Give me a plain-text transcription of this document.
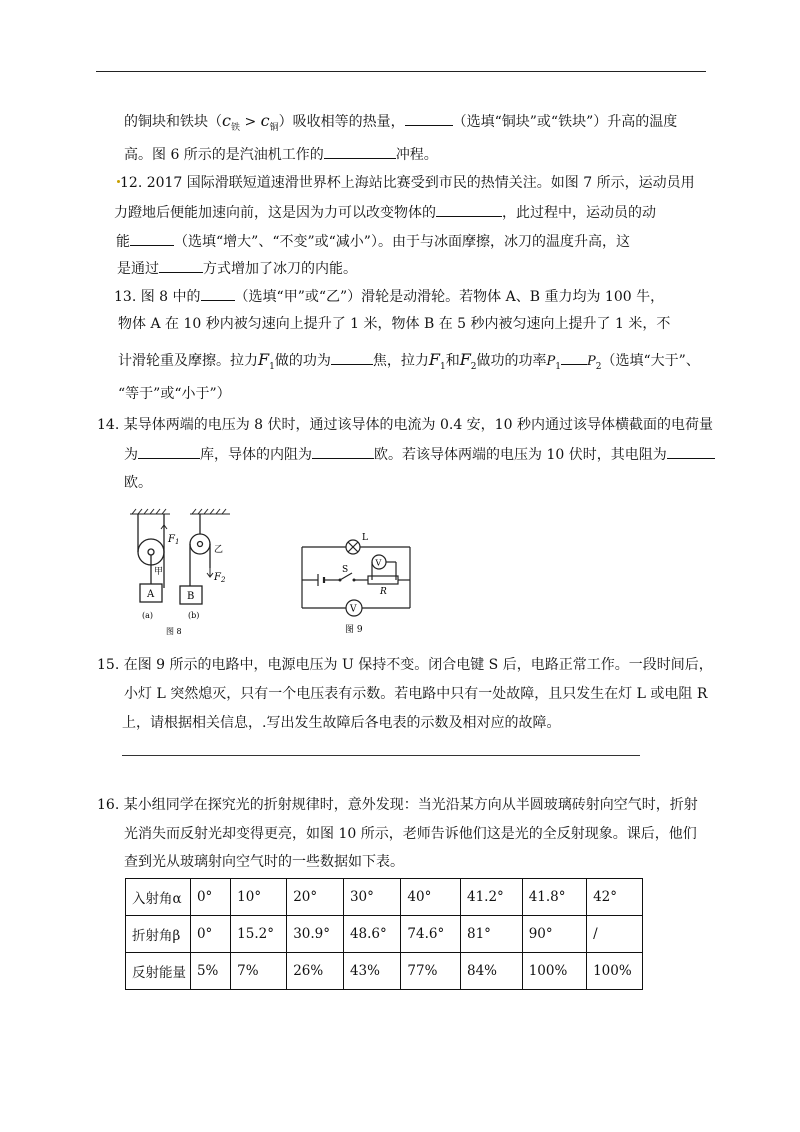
的铜块和铁块$(c_铁 > c_铜)$吸收相等的热量，	（选填“铜块”或“铁块”）升高的温度
高。图 6 所示的是汽油机工作的	冲程。
12. 2017 国际滑联短道速滑世界杯上海站比赛受到市民的热情关注。如图 7 所示，运动员用
力蹬地后便能加速向前，这是因为力可以改变物体的	，此过程中，运动员的动
能	（选填“增大”、“不变”或“减小”）。由于与冰面摩擦，冰刀的温度升高，这
是通过	方式增加了冰刀的内能。
13. 图 8 中的 （选填“甲”或“乙”）滑轮是动滑轮。若物体 A、B 重力均为 100 牛，
物体 A 在 10 秒内被匀速向上提升了 1 米，物体 B 在 5 秒内被匀速向上提升了 1 米，不
计滑轮重及摩擦。拉力$F_1$做的功为	焦，拉力$F_1$和$F_2$做功的功率$P_1$ $P_2$（选填“大于”、
“等于”或“小于”）
14. 某导体两端的电压为 8 伏时，通过该导体的电流为 0.4 安，10 秒内通过该导体横截面的电荷量
为	库，导体的内阻为	欧。若该导体两端的电压为 10 伏时，其电阻为
欧。
$F_1$
$F_2$
甲
乙
A	B
(a)	(b)
图 8
L
V
V
S
R
图 9
15. 在图 9 所示的电路中，电源电压为 U 保持不变。闭合电键 S 后，电路正常工作。一段时间后，
小灯 L 突然熄灭，只有一个电压表有示数。若电路中只有一处故障，且只发生在灯 L 或电阻 R
上，请根据相关信息，.写出发生故障后各电表的示数及相对应的故障。
16. 某小组同学在探究光的折射规律时，意外发现：当光沿某方向从半圆玻璃砖射向空气时，折射
光消失而反射光却变得更亮，如图 10 所示，老师告诉他们这是光的全反射现象。课后，他们
查到光从玻璃射向空气时的一些数据如下表。
入射角α	0°	10°	20°	30°	40°	41.2°	41.8°	42°
折射角β	0°	15.2°	30.9°	48.6°	74.6°	81°	90°	/
反射能量	5%	7%	26%	43%	77%	84%	100%	100%
